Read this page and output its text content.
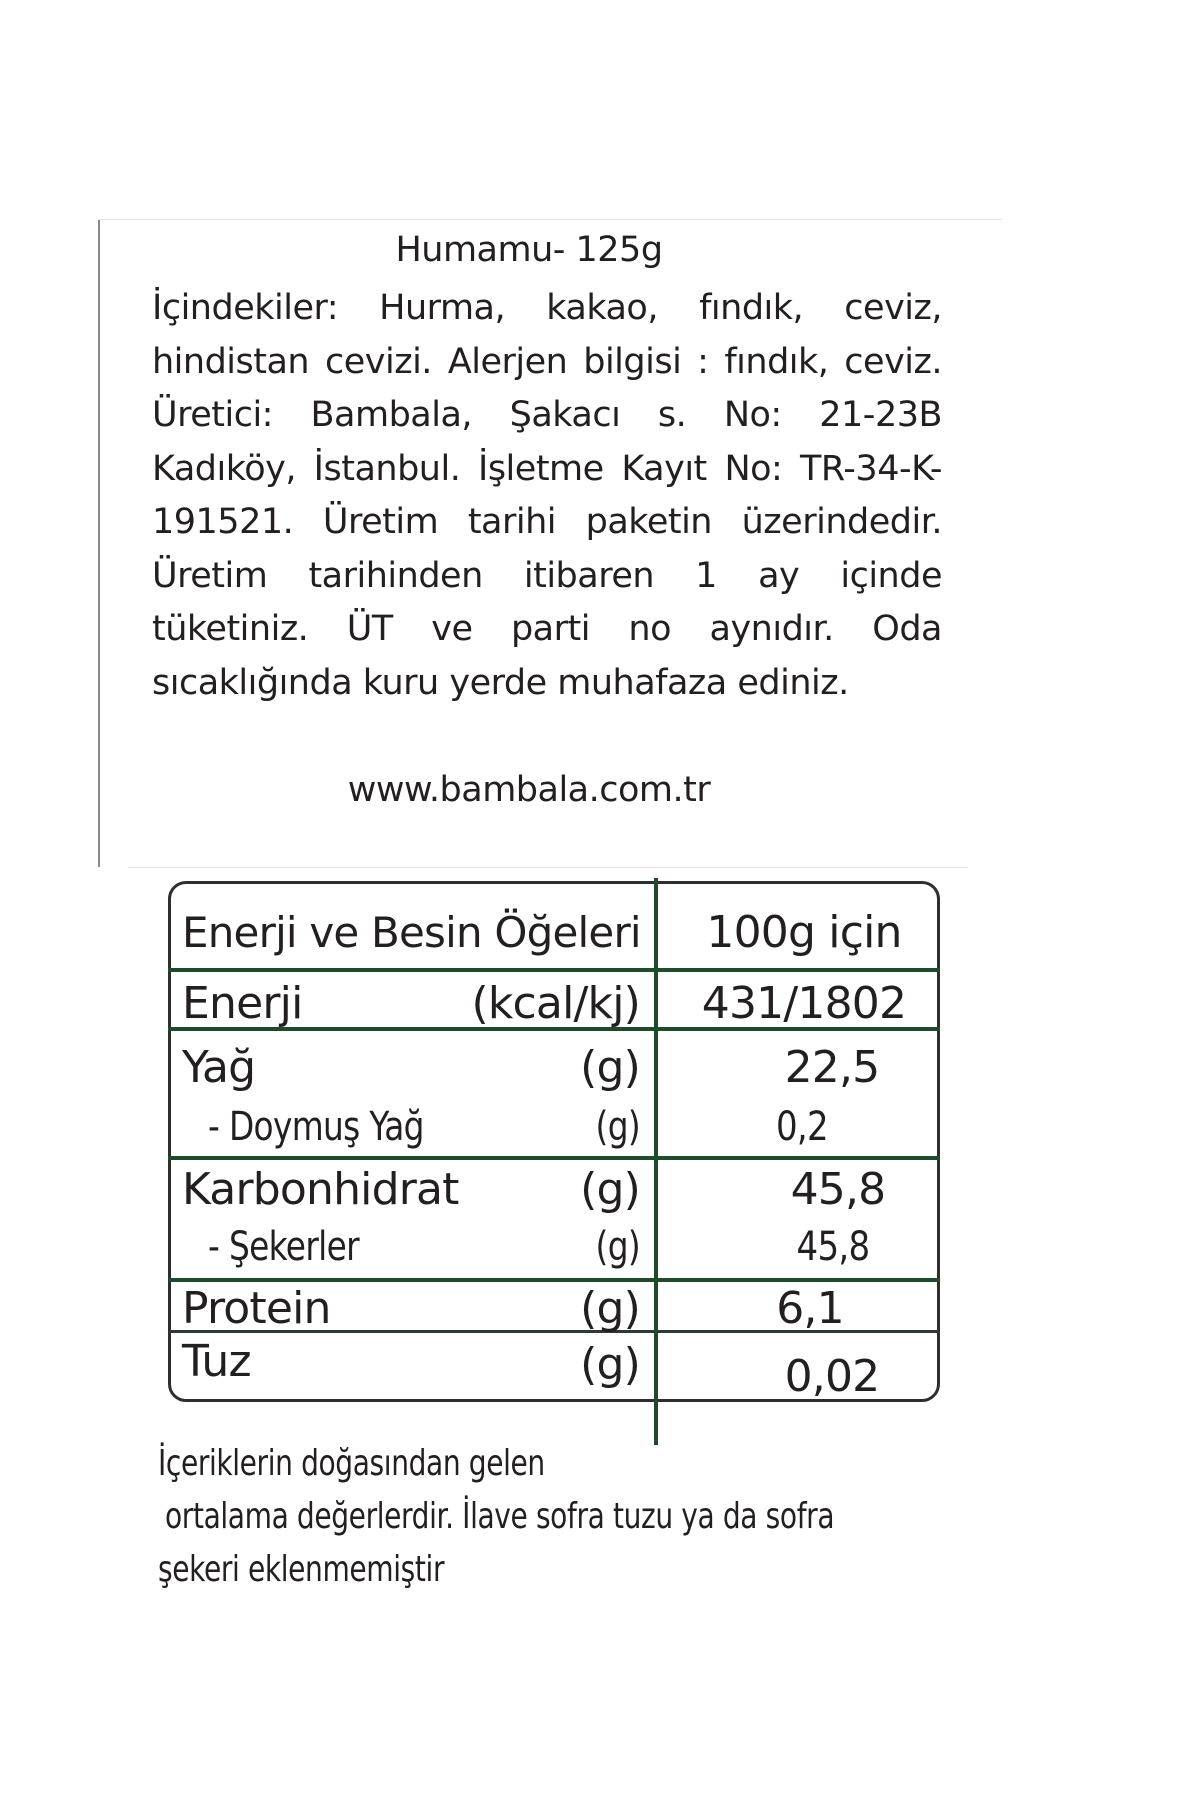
Humamu- 125g

İçindekiler: Hurma, kakao, fındık, ceviz, hindistan cevizi. Alerjen bilgisi : fındık, ceviz. Üretici: Bambala, Şakacı s. No: 21-23B Kadıköy, İstanbul. İşletme Kayıt No: TR-34-K-191521. Üretim tarihi paketin üzerindedir. Üretim tarihinden itibaren 1 ay içinde tüketiniz. ÜT ve parti no aynıdır. Oda sıcaklığında kuru yerde muhafaza ediniz.

www.bambala.com.tr
Enerji ve Besin Öğeleri	100g için
Enerji	(kcal/kj)	431/1802
Yağ	(g)	22,5
- Doymuş Yağ	(g)	0,2
Karbonhidrat	(g)	45,8
- Şekerler	(g)	45,8
Protein	(g)	6,1
Tuz	(g)	0,02
İçeriklerin doğasından gelen
ortalama değerlerdir. İlave sofra tuzu ya da sofra
şekeri eklenmemiştir
